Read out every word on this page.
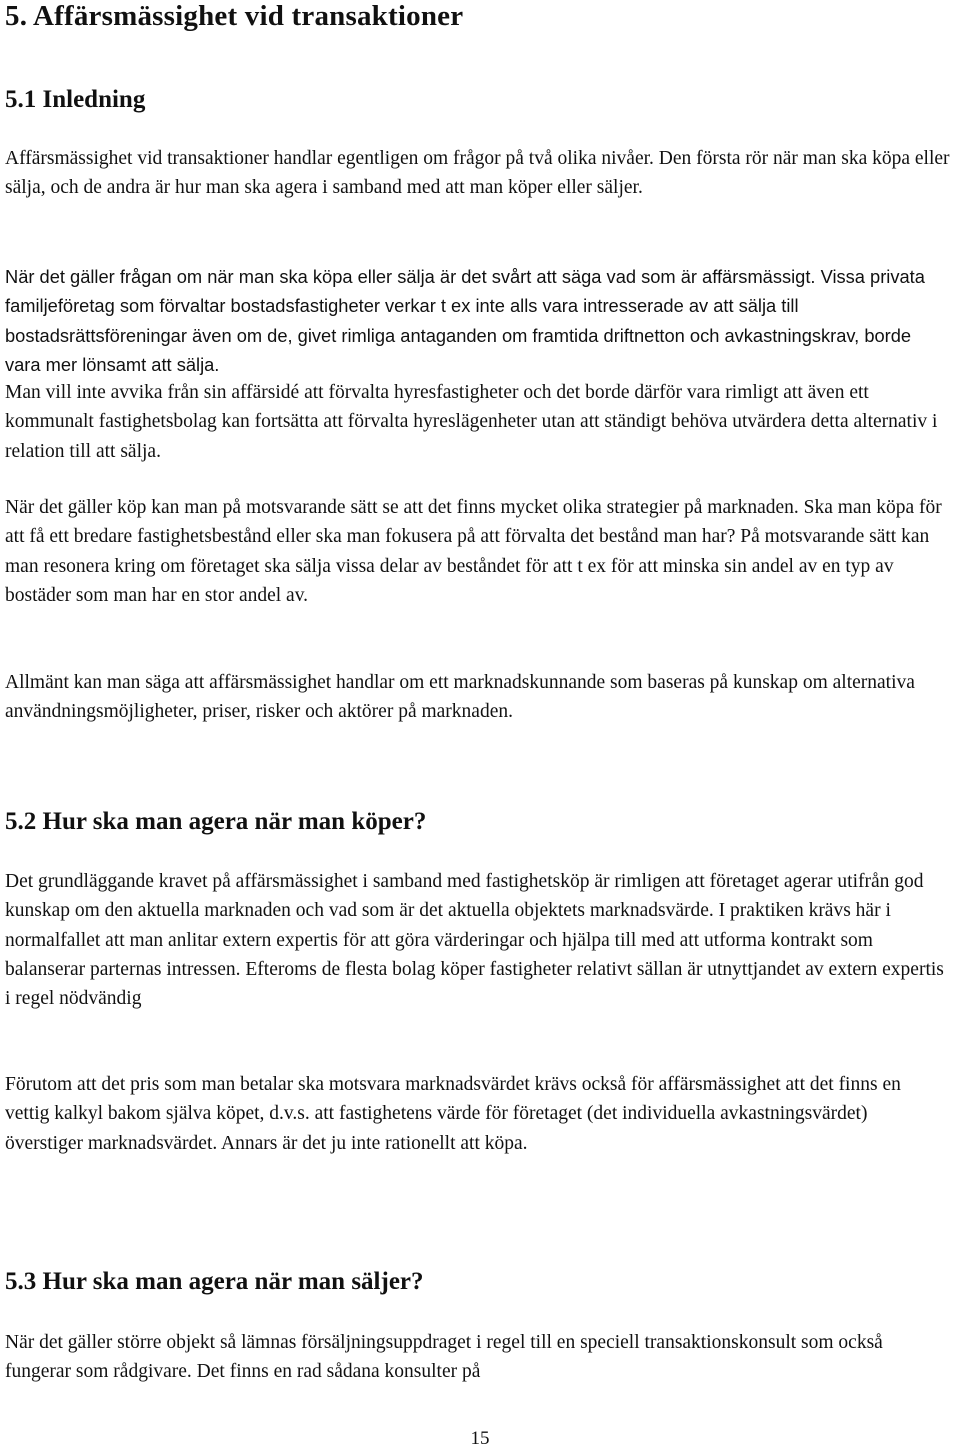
5. Affärsmässighet vid transaktioner
5.1 Inledning

Affärsmässighet vid transaktioner handlar egentligen om frågor på två olika nivåer. Den första rör när man ska köpa eller sälja, och de andra är hur man ska agera i samband med att man köper eller säljer.

När det gäller frågan om när man ska köpa eller sälja är det svårt att säga vad som är affärsmässigt. Vissa privata familjeföretag som förvaltar bostadsfastigheter verkar t ex inte alls vara intresserade av att sälja till bostadsrättsföreningar även om de, givet rimliga antaganden om framtida driftnetton och avkastningskrav, borde vara mer lönsamt att sälja.

Man vill inte avvika från sin affärsidé att förvalta hyresfastigheter och det borde därför vara rimligt att även ett kommunalt fastighetsbolag kan fortsätta att förvalta hyreslägenheter utan att ständigt behöva utvärdera detta alternativ i relation till att sälja.

När det gäller köp kan man på motsvarande sätt se att det finns mycket olika strategier på marknaden. Ska man köpa för att få ett bredare fastighetsbestånd eller ska man fokusera på att förvalta det bestånd man har? På motsvarande sätt kan man resonera kring om företaget ska sälja vissa delar av beståndet för att t ex för att minska sin andel av en typ av bostäder som man har en stor andel av.

Allmänt kan man säga att affärsmässighet handlar om ett marknadskunnande som baseras på kunskap om alternativa användningsmöjligheter, priser, risker och aktörer på marknaden.

5.2 Hur ska man agera när man köper?

Det grundläggande kravet på affärsmässighet i samband med fastighetsköp är rimligen att företaget agerar utifrån god kunskap om den aktuella marknaden och vad som är det aktuella objektets marknadsvärde. I praktiken krävs här i normalfallet att man anlitar extern expertis för att göra värderingar och hjälpa till med att utforma kontrakt som balanserar parternas intressen. Efteroms de flesta bolag köper fastigheter relativt sällan är utnyttjandet av extern expertis i regel nödvändig

Förutom att det pris som man betalar ska motsvara marknadsvärdet krävs också för affärsmässighet att det finns en vettig kalkyl bakom själva köpet, d.v.s. att fastighetens värde för företaget (det individuella avkastningsvärdet) överstiger marknadsvärdet. Annars är det ju inte rationellt att köpa.

5.3 Hur ska man agera när man säljer?

När det gäller större objekt så lämnas försäljningsuppdraget i regel till en speciell transaktionskonsult som också fungerar som rådgivare. Det finns en rad sådana konsulter på

15
